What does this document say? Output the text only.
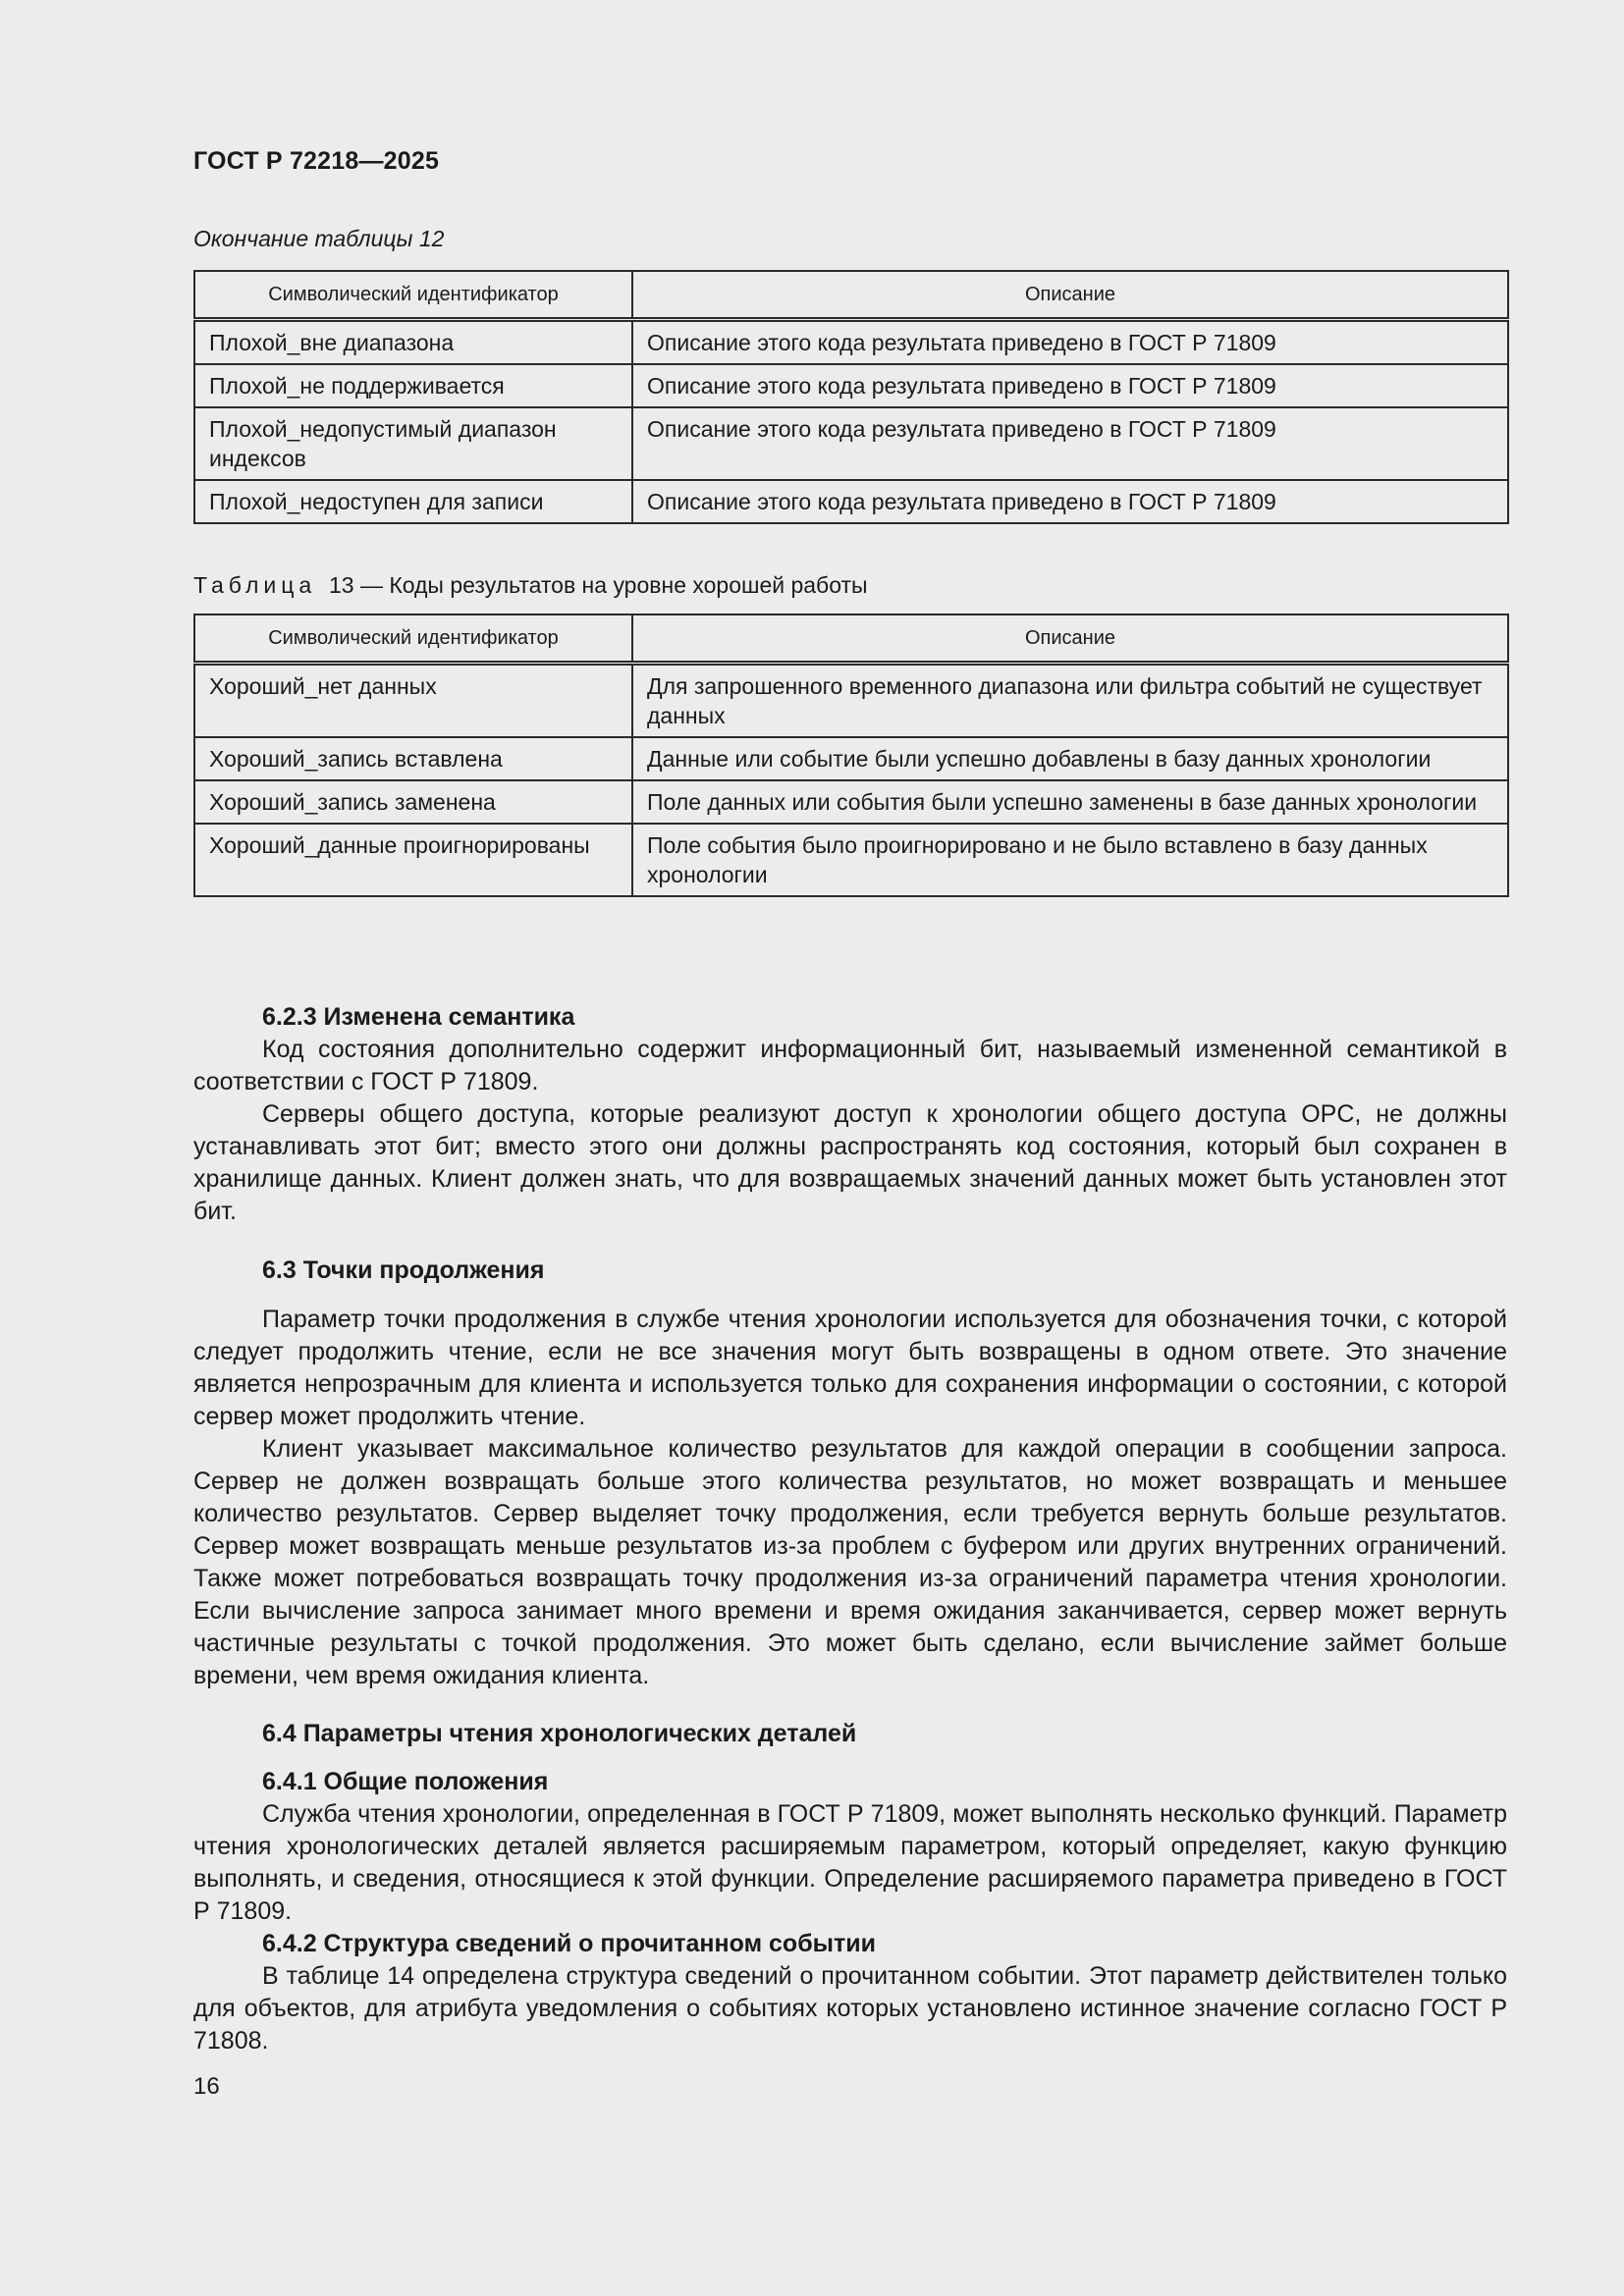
ГОСТ Р 72218—2025
Окончание таблицы 12
Символический идентификатор	Описание
Плохой_вне диапазона	Описание этого кода результата приведено в ГОСТ Р 71809
Плохой_не поддерживается	Описание этого кода результата приведено в ГОСТ Р 71809
Плохой_недопустимый диапазон индексов	Описание этого кода результата приведено в ГОСТ Р 71809
Плохой_недоступен для записи	Описание этого кода результата приведено в ГОСТ Р 71809
Таблица 13 — Коды результатов на уровне хорошей работы
Символический идентификатор	Описание
Хороший_нет данных	Для запрошенного временного диапазона или фильтра событий не существует данных
Хороший_запись вставлена	Данные или событие были успешно добавлены в базу данных хронологии
Хороший_запись заменена	Поле данных или события были успешно заменены в базе данных хронологии
Хороший_данные проигнорированы	Поле события было проигнорировано и не было вставлено в базу данных хронологии
6.2.3 Изменена семантика

Код состояния дополнительно содержит информационный бит, называемый измененной семантикой в соответствии с ГОСТ Р 71809.

Серверы общего доступа, которые реализуют доступ к хронологии общего доступа OPC, не должны устанавливать этот бит; вместо этого они должны распространять код состояния, который был сохранен в хранилище данных. Клиент должен знать, что для возвращаемых значений данных может быть установлен этот бит.

6.3 Точки продолжения

Параметр точки продолжения в службе чтения хронологии используется для обозначения точки, с которой следует продолжить чтение, если не все значения могут быть возвращены в одном ответе. Это значение является непрозрачным для клиента и используется только для сохранения информации о состоянии, с которой сервер может продолжить чтение.

Клиент указывает максимальное количество результатов для каждой операции в сообщении запроса. Сервер не должен возвращать больше этого количества результатов, но может возвращать и меньшее количество результатов. Сервер выделяет точку продолжения, если требуется вернуть больше результатов. Сервер может возвращать меньше результатов из-за проблем с буфером или других внутренних ограничений. Также может потребоваться возвращать точку продолжения из-за ограничений параметра чтения хронологии. Если вычисление запроса занимает много времени и время ожидания заканчивается, сервер может вернуть частичные результаты с точкой продолжения. Это может быть сделано, если вычисление займет больше времени, чем время ожидания клиента.

6.4 Параметры чтения хронологических деталей
6.4.1 Общие положения

Служба чтения хронологии, определенная в ГОСТ Р 71809, может выполнять несколько функций. Параметр чтения хронологических деталей является расширяемым параметром, который определяет, какую функцию выполнять, и сведения, относящиеся к этой функции. Определение расширяемого параметра приведено в ГОСТ Р 71809.

6.4.2 Структура сведений о прочитанном событии

В таблице 14 определена структура сведений о прочитанном событии. Этот параметр действителен только для объектов, для атрибута уведомления о событиях которых установлено истинное значение согласно ГОСТ Р 71808.

16
